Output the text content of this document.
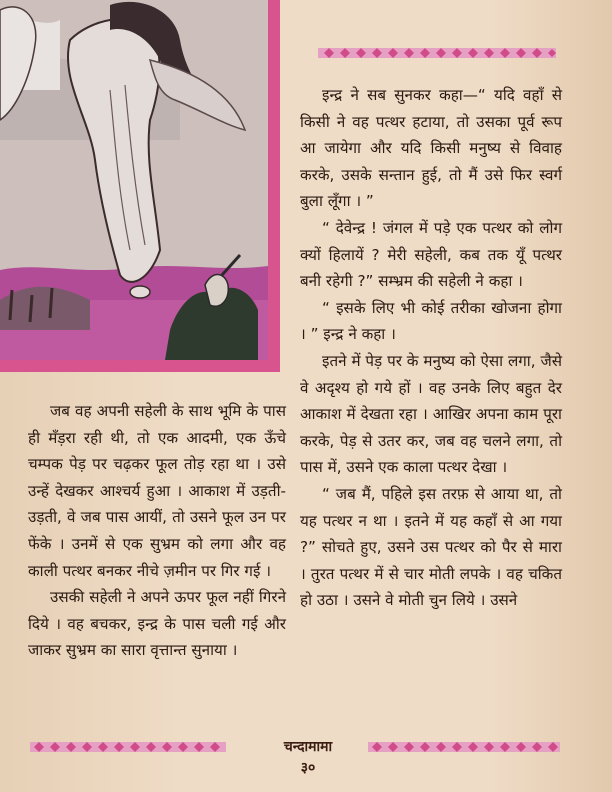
इन्द्र ने सब सुनकर कहा—“ यदि वहाँ से किसी ने वह पत्थर हटाया, तो उसका पूर्व रूप आ जायेगा और यदि किसी मनुष्य से विवाह करके, उसके सन्तान हुई, तो मैं उसे फिर स्वर्ग बुला लूँगा । ”

“ देवेन्द्र ! जंगल में पड़े एक पत्थर को लोग क्यों हिलायें ? मेरी सहेली, कब तक यूँ पत्थर बनी रहेगी ?” सम्भ्रम की सहेली ने कहा ।

“ इसके लिए भी कोई तरीका खोजना होगा । ” इन्द्र ने कहा ।

इतने में पेड़ पर के मनुष्य को ऐसा लगा, जैसे वे अदृश्य हो गये हों । वह उनके लिए बहुत देर आकाश में देखता रहा । आखिर अपना काम पूरा करके, पेड़ से उतर कर, जब वह चलने लगा, तो पास में, उसने एक काला पत्थर देखा ।

“ जब मैं, पहिले इस तरफ़ से आया था, तो यह पत्थर न था । इतने में यह कहाँ से आ गया ?” सोचते हुए, उसने उस पत्थर को पैर से मारा । तुरत पत्थर में से चार मोती लपके । वह चकित हो उठा । उसने वे मोती चुन लिये । उसने

जब वह अपनी सहेली के साथ भूमि के पास ही मँड़रा रही थी, तो एक आदमी, एक ऊँचे चम्पक पेड़ पर चढ़कर फूल तोड़ रहा था । उसे उन्हें देखकर आश्चर्य हुआ । आकाश में उड़ती-उड़ती, वे जब पास आयीं, तो उसने फूल उन पर फेंके । उनमें से एक सुभ्रम को लगा और वह काली पत्थर बनकर नीचे ज़मीन पर गिर गई ।

उसकी सहेली ने अपने ऊपर फूल नहीं गिरने दिये । वह बचकर, इन्द्र के पास चली गई और जाकर सुभ्रम का सारा वृत्तान्त सुनाया ।

चन्दामामा
३०
